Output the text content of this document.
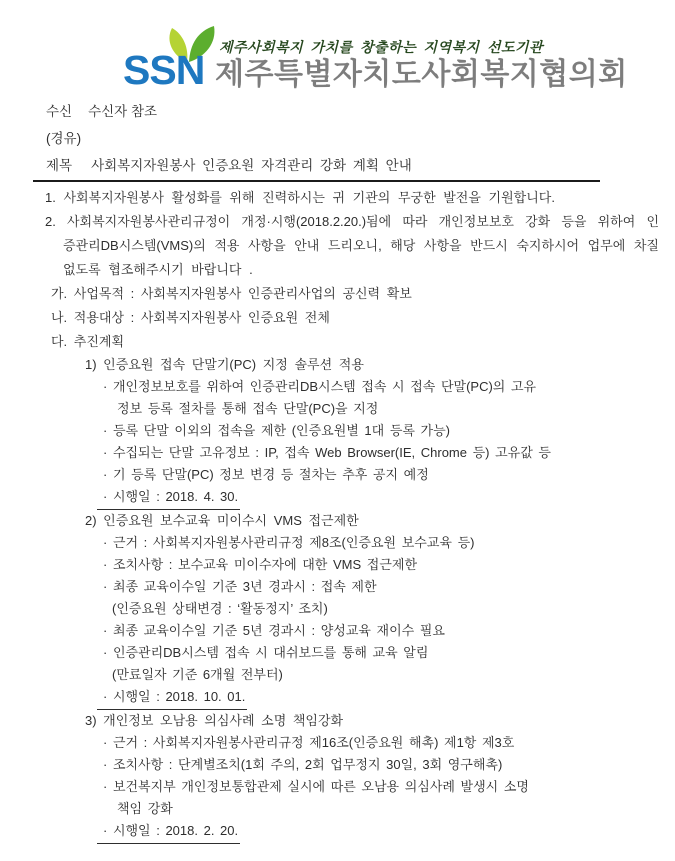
SSN 제주사회복지 가치를 창출하는 지역복지 선도기관
제주특별자치도사회복지협의회
수신 수신자 참조
(경유)
제목 사회복지자원봉사 인증요원 자격관리 강화 계획 안내
1. 사회복지자원봉사 활성화를 위해 진력하시는 귀 기관의 무궁한 발전을 기원합니다.
2. 사회복지자원봉사관리규정이 개정·시행(2018.2.20.)됨에 따라 개인정보보호 강화 등을 위하여 인
증관리DB시스템(VMS)의 적용 사항을 안내 드리오니, 해당 사항을 반드시 숙지하시어 업무에 차질
없도록 협조해주시기 바랍니다 .
가. 사업목적 : 사회복지자원봉사 인증관리사업의 공신력 확보
나. 적용대상 : 사회복지자원봉사 인증요원 전체
다. 추진계획
1) 인증요원 접속 단말기(PC) 지정 솔루션 적용
· 개인정보보호를 위하여 인증관리DB시스템 접속 시 접속 단말(PC)의 고유
정보 등록 절차를 통해 접속 단말(PC)을 지정
· 등록 단말 이외의 접속을 제한 (인증요원별 1대 등록 가능)
· 수집되는 단말 고유정보 : IP, 접속 Web Browser(IE, Chrome 등) 고유값 등
· 기 등록 단말(PC) 정보 변경 등 절차는 추후 공지 예정
· 시행일 : 2018. 4. 30.
2) 인증요원 보수교육 미이수시 VMS 접근제한
· 근거 : 사회복지자원봉사관리규정 제8조(인증요원 보수교육 등)
· 조치사항 : 보수교육 미이수자에 대한 VMS 접근제한
· 최종 교육이수일 기준 3년 경과시 : 접속 제한
(인증요원 상태변경 : ‘활동정지’ 조치)
· 최종 교육이수일 기준 5년 경과시 : 양성교육 재이수 필요
· 인증관리DB시스템 접속 시 대쉬보드를 통해 교육 알림
(만료일자 기준 6개월 전부터)
· 시행일 : 2018. 10. 01.
3) 개인정보 오남용 의심사례 소명 책임강화
· 근거 : 사회복지자원봉사관리규정 제16조(인증요원 해촉) 제1항 제3호
· 조치사항 : 단계별조치(1회 주의, 2회 업무정지 30일, 3회 영구해촉)
· 보건복지부 개인정보통합관제 실시에 따른 오남용 의심사례 발생시 소명
책임 강화
· 시행일 : 2018. 2. 20.
